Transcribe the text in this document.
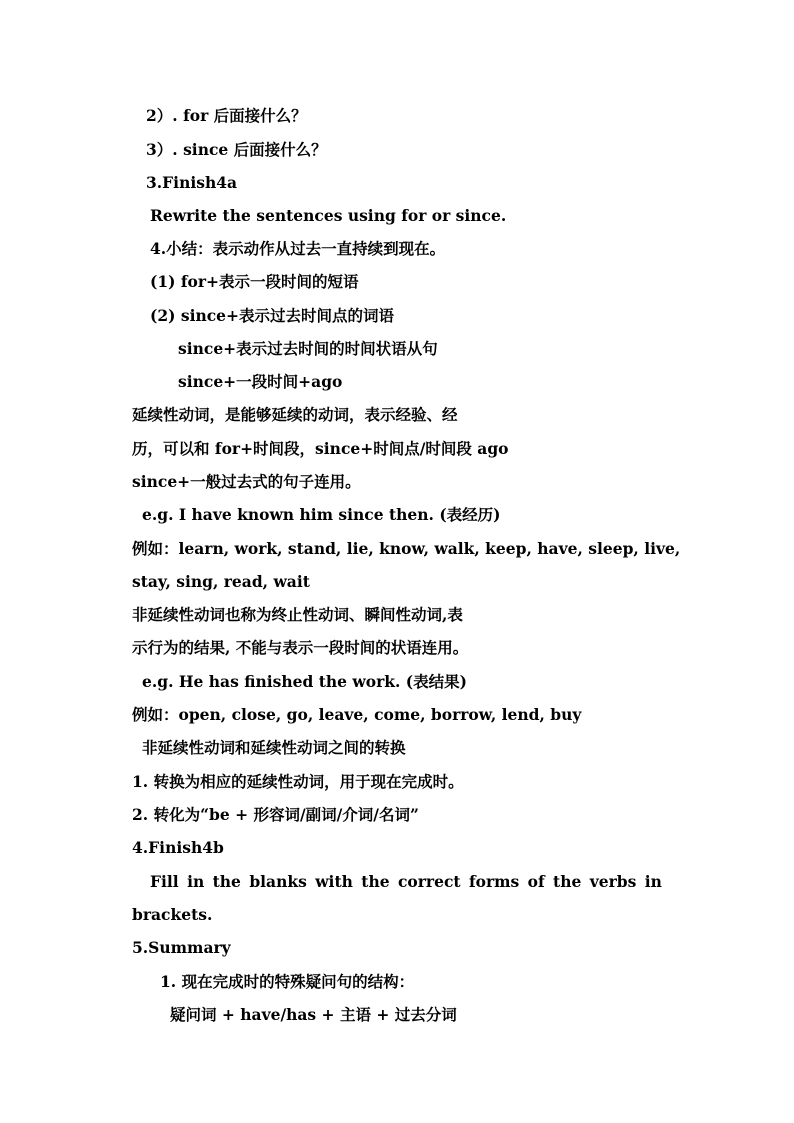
2）. for 后面接什么？
3）. since 后面接什么？
3.Finish4a
Rewrite the sentences using for or since.
4.小结：表示动作从过去一直持续到现在。
(1) for+表示一段时间的短语
(2) since+表示过去时间点的词语
since+表示过去时间的时间状语从句
since+一段时间+ago
延续性动词，是能够延续的动词，表示经验、经
历，可以和 for+时间段，since+时间点/时间段 ago
since+一般过去式的句子连用。
e.g. I have known him since then. (表经历)
例如：learn, work, stand, lie, know, walk, keep, have, sleep, live,
stay, sing, read, wait
非延续性动词也称为终止性动词、瞬间性动词,表
示行为的结果, 不能与表示一段时间的状语连用。
e.g. He has finished the work. (表结果)
例如：open, close, go, leave, come, borrow, lend, buy
非延续性动词和延续性动词之间的转换
1. 转换为相应的延续性动词，用于现在完成时。
2. 转化为“be + 形容词/副词/介词/名词”
4.Finish4b
Fill in the blanks with the correct forms of the verbs in
brackets.
5.Summary
1. 现在完成时的特殊疑问句的结构：
疑问词 + have/has + 主语 + 过去分词
